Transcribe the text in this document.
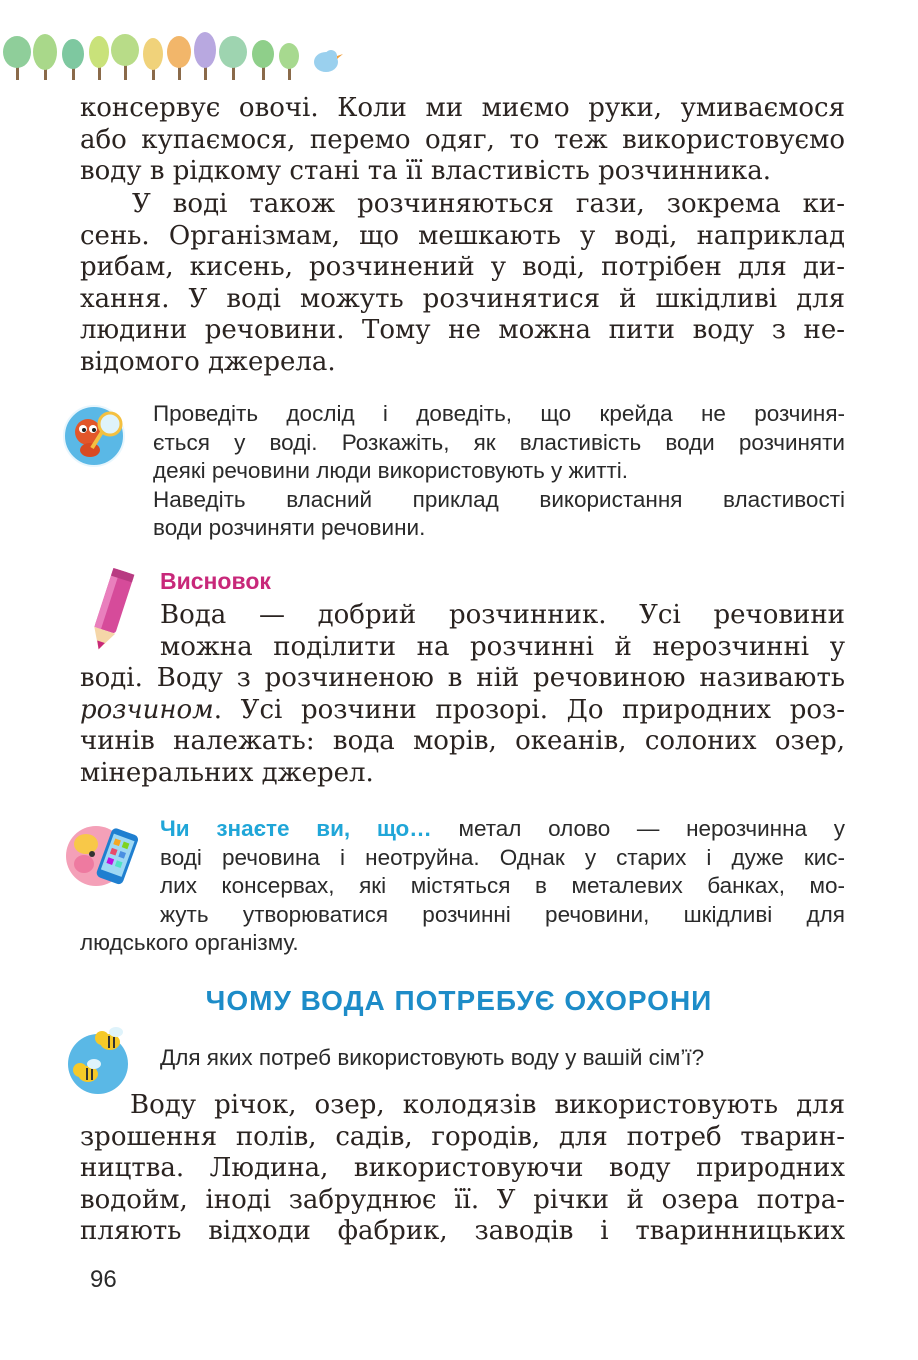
консервує овочі. Коли ми миємо руки, умиваємося
або купаємося, перемо одяг, то теж використовуємо
воду в рідкому стані та її властивість розчинника.
У воді також розчиняються гази, зокрема ки-
сень. Організмам, що мешкають у воді, наприклад
рибам, кисень, розчинений у воді, потрібен для ди-
хання. У воді можуть розчинятися й шкідливі для
людини речовини. Тому не можна пити воду з не-
відомого джерела.
Проведіть дослід і доведіть, що крейда не розчиня-
ється у воді. Розкажіть, як властивість води розчиняти
деякі речовини люди використовують у житті.
Наведіть власний приклад використання властивості
води розчиняти речовини.
Висновок
Вода — добрий розчинник. Усі речовини
можна поділити на розчинні й нерозчинні у
воді. Воду з розчиненою в ній речовиною називають
розчином. Усі розчини прозорі. До природних роз-
чинів належать: вода морів, океанів, солоних озер,
мінеральних джерел.
Чи знаєте ви, що… метал олово — нерозчинна у
воді речовина і неотруйна. Однак у старих і дуже кис-
лих консервах, які містяться в металевих банках, мо-
жуть утворюватися розчинні речовини, шкідливі для
людського організму.
ЧОМУ ВОДА ПОТРЕБУЄ ОХОРОНИ
Для яких потреб використовують воду у вашій сім’ї?
Воду річок, озер, колодязів використовують для
зрошення полів, садів, городів, для потреб тварин-
ництва. Людина, використовуючи воду природних
водойм, іноді забруднює її. У річки й озера потра-
пляють відходи фабрик, заводів і тваринницьких
96
